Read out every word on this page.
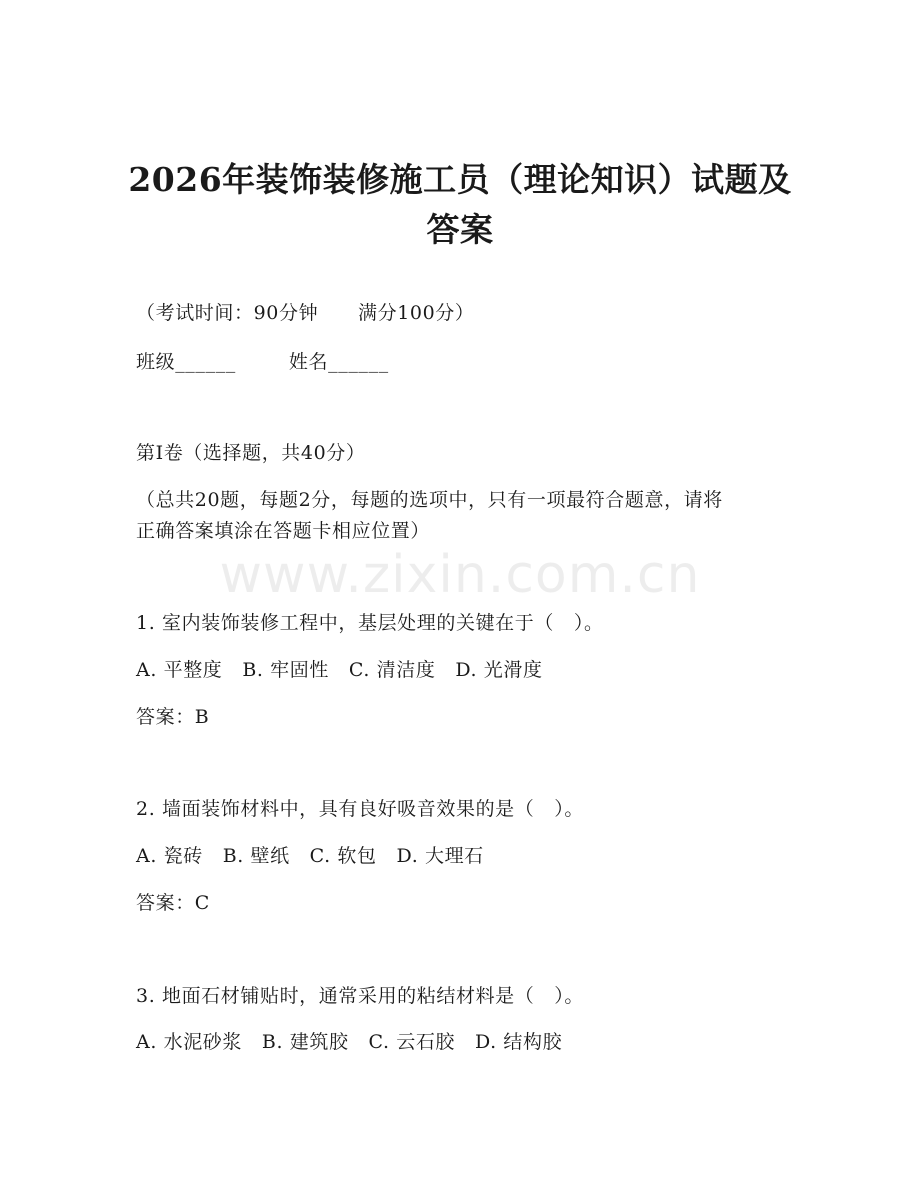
2026年装饰装修施工员（理论知识）试题及
答案
（考试时间：90分钟      满分100分）
班级______        姓名______
第I卷（选择题，共40分）
（总共20题，每题2分，每题的选项中，只有一项最符合题意，请将
正确答案填涂在答题卡相应位置）
www.zixin.com.cn
1. 室内装饰装修工程中，基层处理的关键在于（   ）。
A. 平整度   B. 牢固性   C. 清洁度   D. 光滑度
答案：B
2. 墙面装饰材料中，具有良好吸音效果的是（   ）。
A. 瓷砖   B. 壁纸   C. 软包   D. 大理石
答案：C
3. 地面石材铺贴时，通常采用的粘结材料是（   ）。
A. 水泥砂浆   B. 建筑胶   C. 云石胶   D. 结构胶
